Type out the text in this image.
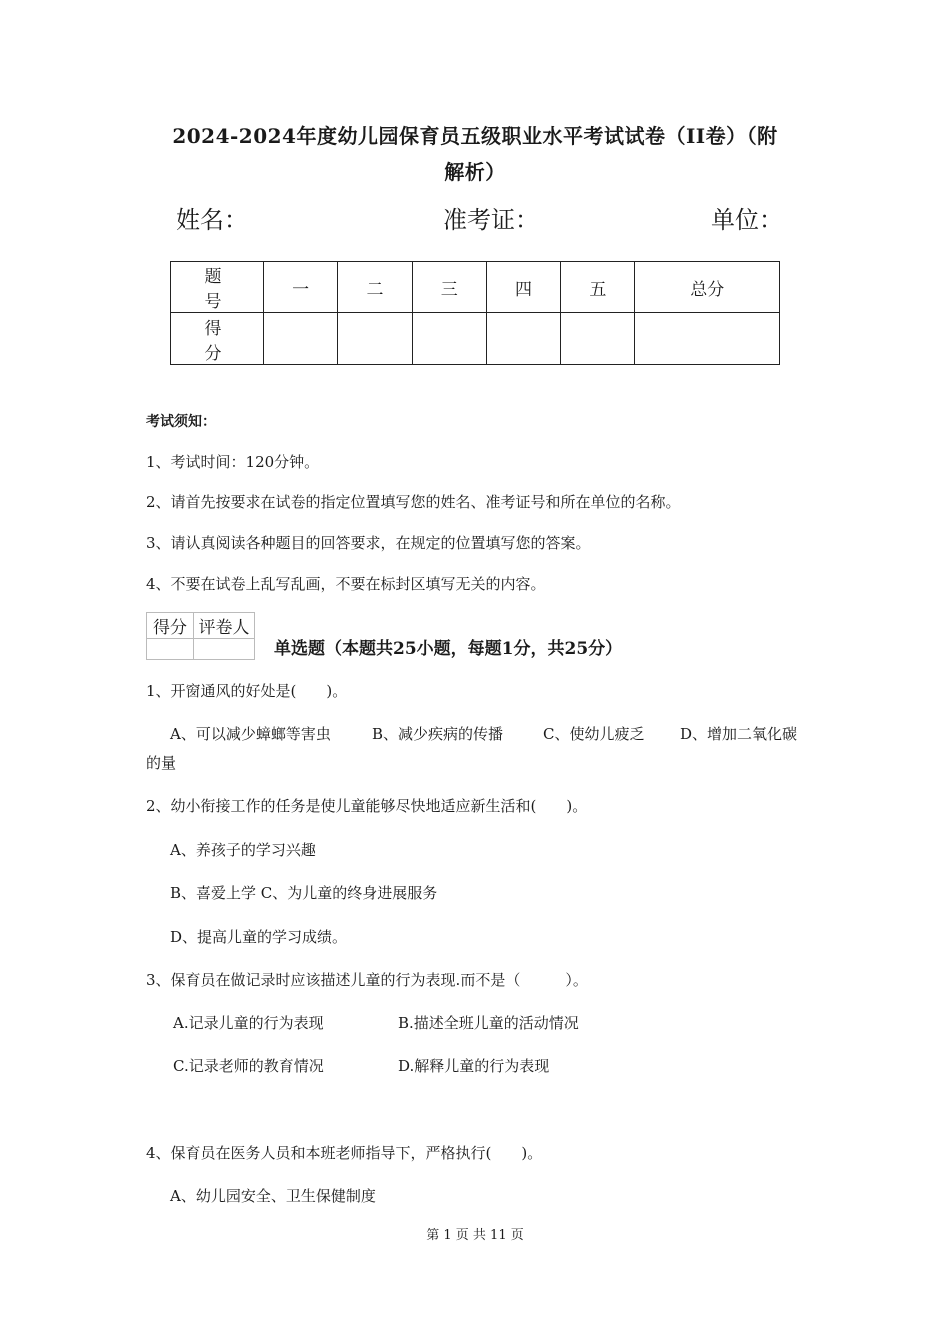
2024-2024年度幼儿园保育员五级职业水平考试试卷（II卷）（附
解析）
姓名：	准考证：	单位：
题　号	一	二	三	四	五	总分
得　分						
考试须知：
1、考试时间：120分钟。
2、请首先按要求在试卷的指定位置填写您的姓名、准考证号和所在单位的名称。
3、请认真阅读各种题目的回答要求，在规定的位置填写您的答案。
4、不要在试卷上乱写乱画，不要在标封区填写无关的内容。
得分	评卷人

单选题（本题共25小题，每题1分，共25分）
1、开窗通风的好处是(　　)。
A、可以减少蟑螂等害虫	B、减少疾病的传播	C、使幼儿疲乏 D、增加二氧化碳
的量
2、幼小衔接工作的任务是使儿童能够尽快地适应新生活和(　　)。
A、养孩子的学习兴趣
B、喜爱上学 C、为儿童的终身进展服务
D、提高儿童的学习成绩。
3、保育员在做记录时应该描述儿童的行为表现.而不是（　　　）。
A.记录儿童的行为表现	B.描述全班儿童的活动情况
C.记录老师的教育情况	D.解释儿童的行为表现
4、保育员在医务人员和本班老师指导下，严格执行(　　)。
A、幼儿园安全、卫生保健制度
第 1 页 共 11 页
